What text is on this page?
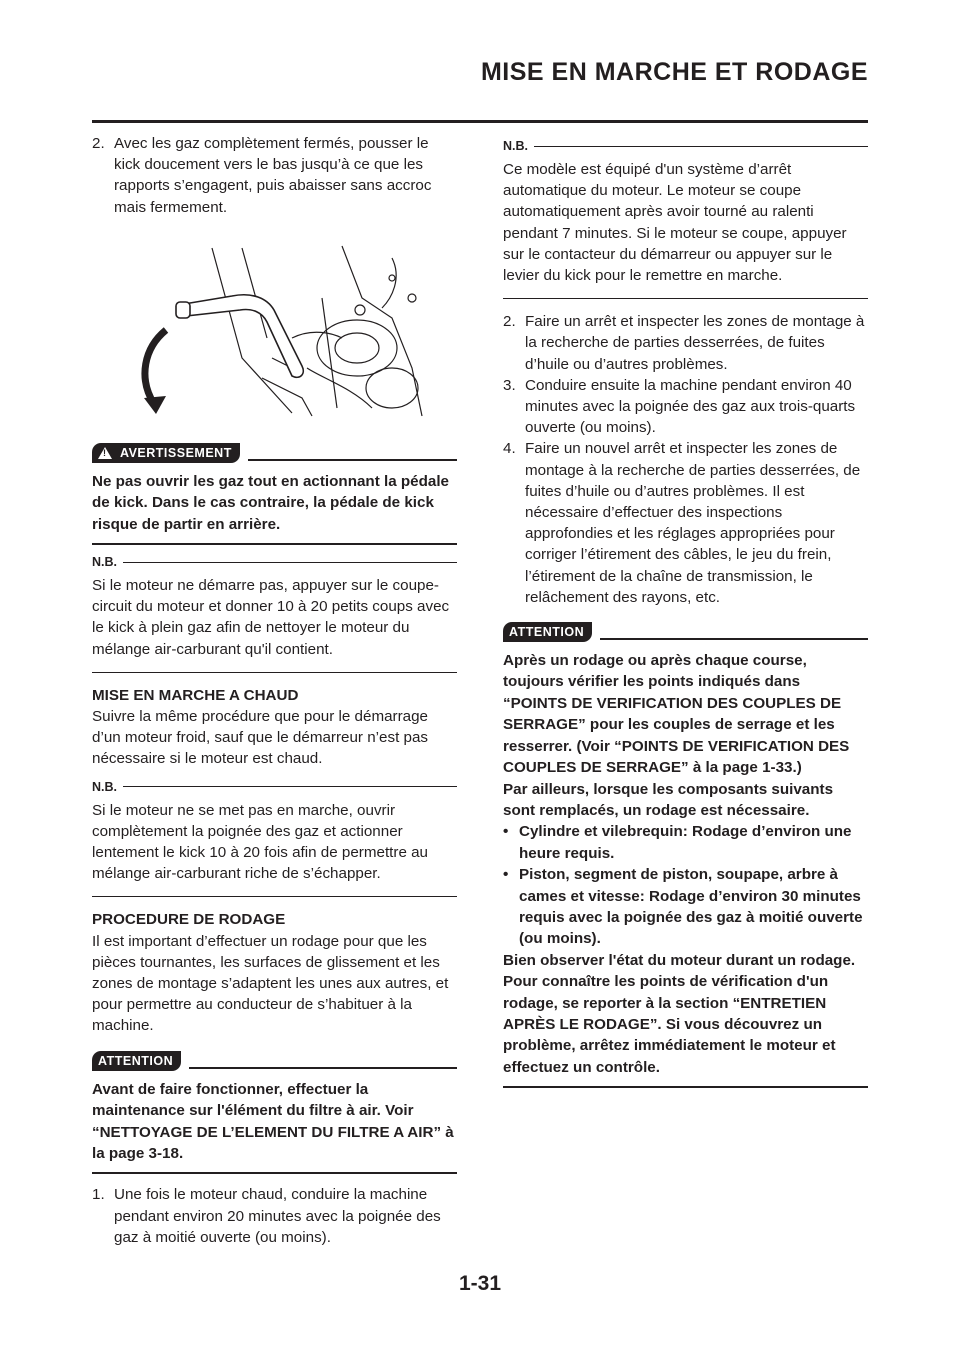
MISE EN MARCHE ET RODAGE
2. Avec les gaz complètement fermés, pousser le kick doucement vers le bas jusqu’à ce que les rapports s’engagent, puis abaisser sans accroc mais fermement.
!
AVERTISSEMENT
Ne pas ouvrir les gaz tout en actionnant la pédale de kick. Dans le cas contraire, la pédale de kick risque de partir en arrière.
N.B.

Si le moteur ne démarre pas, appuyer sur le coupe-circuit du moteur et donner 10 à 20 petits coups avec le kick à plein gaz afin de nettoyer le moteur du mélange air-carburant qu'il contient.

MISE EN MARCHE A CHAUD

Suivre la même procédure que pour le démarrage d’un moteur froid, sauf que le démarreur n’est pas nécessaire si le moteur est chaud.

N.B.

Si le moteur ne se met pas en marche, ouvrir complètement la poignée des gaz et actionner lentement le kick 10 à 20 fois afin de permettre au mélange air-carburant riche de s’échapper.

PROCEDURE DE RODAGE

Il est important d’effectuer un rodage pour que les pièces tournantes, les surfaces de glissement et les zones de montage s’adaptent les unes aux autres, et pour permettre au conducteur de s’habituer à la machine.

ATTENTION
Avant de faire fonctionner, effectuer la maintenance sur l'élément du filtre à air. Voir “NETTOYAGE DE L’ELEMENT DU FILTRE A AIR” à la page 3-18.
1. Une fois le moteur chaud, conduire la machine pendant environ 20 minutes avec la poignée des gaz à moitié ouverte (ou moins).
N.B.

Ce modèle est équipé d'un système d’arrêt automatique du moteur. Le moteur se coupe automatiquement après avoir tourné au ralenti pendant 7 minutes. Si le moteur se coupe, appuyer sur le contacteur du démarreur ou appuyer sur le levier du kick pour le remettre en marche.

2. Faire un arrêt et inspecter les zones de montage à la recherche de parties desserrées, de fuites d’huile ou d’autres problèmes.
3. Conduire ensuite la machine pendant environ 40 minutes avec la poignée des gaz aux trois-quarts ouverte (ou moins).
4. Faire un nouvel arrêt et inspecter les zones de montage à la recherche de parties desserrées, de fuites d’huile ou d’autres problèmes. Il est nécessaire d’effectuer des inspections approfondies et les réglages appropriées pour corriger l’étirement des câbles, le jeu du frein, l’étirement de la chaîne de transmission, le relâchement des rayons, etc.
ATTENTION
Après un rodage ou après chaque course, toujours vérifier les points indiqués dans “POINTS DE VERIFICATION DES COUPLES DE SERRAGE” pour les couples de serrage et les resserrer. (Voir “POINTS DE VERIFICATION DES COUPLES DE SERRAGE” à la page 1-33.)
Par ailleurs, lorsque les composants suivants sont remplacés, un rodage est nécessaire.
• Cylindre et vilebrequin: Rodage d’environ une heure requis.
• Piston, segment de piston, soupape, arbre à cames et vitesse: Rodage d’environ 30 minutes requis avec la poignée des gaz à moitié ouverte (ou moins).
Bien observer l'état du moteur durant un rodage.
Pour connaître les points de vérification d'un rodage, se reporter à la section “ENTRETIEN APRÈS LE RODAGE”. Si vous découvrez un problème, arrêtez immédiatement le moteur et effectuez un contrôle.
1-31
